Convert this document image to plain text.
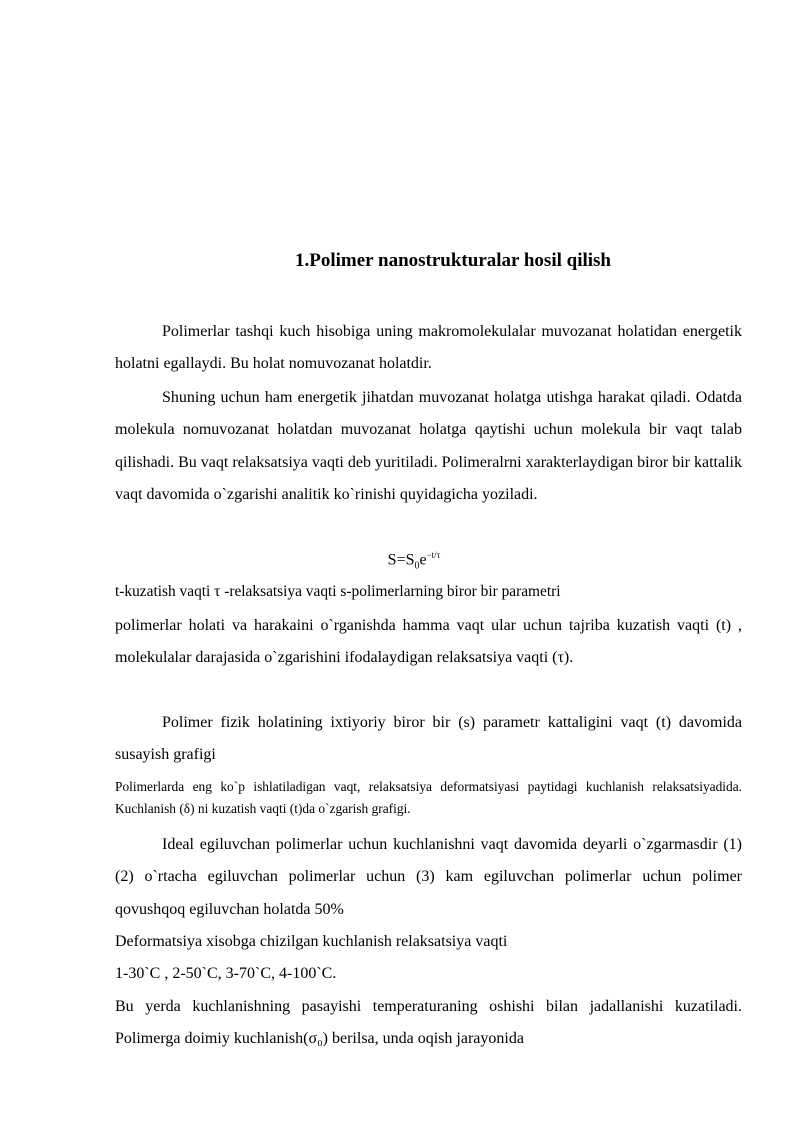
1.Polimer nanostrukturalar hosil qilish

Polimerlar tashqi kuch hisobiga uning makromolekulalar muvozanat holatidan energetik holatni egallaydi. Bu holat nomuvozanat holatdir.

Shuning uchun ham energetik jihatdan muvozanat holatga utishga harakat qiladi. Odatda molekula nomuvozanat holatdan muvozanat holatga qaytishi uchun molekula bir vaqt talab qilishadi. Bu vaqt relaksatsiya vaqti deb yuritiladi. Polimeralrni xarakterlaydigan biror bir kattalik vaqt davomida o`zgarishi analitik ko`rinishi quyidagicha yoziladi.

$S=S_0e^{-t/\tau}$
t-kuzatish vaqti τ -relaksatsiya vaqti s-polimerlarning biror bir parametri

polimerlar holati va harakaini o`rganishda hamma vaqt ular uchun tajriba kuzatish vaqti (t) , molekulalar darajasida o`zgarishini ifodalaydigan relaksatsiya vaqti (τ).

Polimer fizik holatining ixtiyoriy biror bir (s) parametr kattaligini vaqt (t) davomida susayish grafigi

Polimerlarda eng ko`p ishlatiladigan vaqt, relaksatsiya deformatsiyasi paytidagi kuchlanish relaksatsiyadida. Kuchlanish (δ) ni kuzatish vaqti (t)da o`zgarish grafigi.

Ideal egiluvchan polimerlar uchun kuchlanishni vaqt davomida deyarli o`zgarmasdir (1) (2) o`rtacha egiluvchan polimerlar uchun (3) kam egiluvchan polimerlar uchun polimer qovushqoq egiluvchan holatda 50%

Deformatsiya xisobga chizilgan kuchlanish relaksatsiya vaqti
1-30`C , 2-50`C, 3-70`C, 4-100`C.

Bu yerda kuchlanishning pasayishi temperaturaning oshishi bilan jadallanishi kuzatiladi. Polimerga doimiy kuchlanish(σ₀) berilsa, unda oqish jarayonida
